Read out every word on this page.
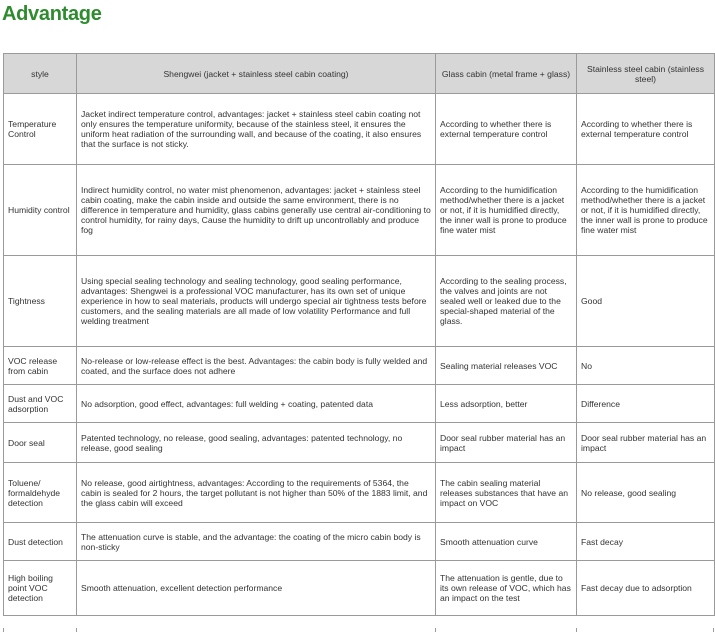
Advantage
style	Shengwei (jacket + stainless steel cabin coating)	Glass cabin (metal frame + glass)	Stainless steel cabin (stainless steel)
Temperature Control	Jacket indirect temperature control, advantages: jacket + stainless steel cabin coating not only ensures the temperature uniformity, because of the stainless steel, it ensures the uniform heat radiation of the surrounding wall, and because of the coating, it also ensures that the surface is not sticky.	According to whether there is external temperature control	According to whether there is external temperature control
Humidity control	Indirect humidity control, no water mist phenomenon, advantages: jacket + stainless steel cabin coating, make the cabin inside and outside the same environment, there is no difference in temperature and humidity, glass cabins generally use central air-conditioning to control humidity, for rainy days, Cause the humidity to drift up uncontrollably and produce fog	According to the humidification method/whether there is a jacket or not, if it is humidified directly, the inner wall is prone to produce fine water mist	According to the humidification method/whether there is a jacket or not, if it is humidified directly, the inner wall is prone to produce fine water mist
Tightness	Using special sealing technology and sealing technology, good sealing performance, advantages: Shengwei is a professional VOC manufacturer, has its own set of unique experience in how to seal materials, products will undergo special air tightness tests before customers, and the sealing materials are all made of low volatility Performance and full welding treatment	According to the sealing process, the valves and joints are not sealed well or leaked due to the special-shaped material of the glass.	Good
VOC release from cabin	No-release or low-release effect is the best. Advantages: the cabin body is fully welded and coated, and the surface does not adhere	Sealing material releases VOC	No
Dust and VOC adsorption	No adsorption, good effect, advantages: full welding + coating, patented data	Less adsorption, better	Difference
Door seal	Patented technology, no release, good sealing, advantages: patented technology, no release, good sealing	Door seal rubber material has an impact	Door seal rubber material has an impact
Toluene/ formaldehyde detection	No release, good airtightness, advantages: According to the requirements of 5364, the cabin is sealed for 2 hours, the target pollutant is not higher than 50% of the 1883 limit, and the glass cabin will exceed	The cabin sealing material releases substances that have an impact on VOC	No release, good sealing
Dust detection	The attenuation curve is stable, and the advantage: the coating of the micro cabin body is non-sticky	Smooth attenuation curve	Fast decay
High boiling point VOC detection	Smooth attenuation, excellent detection performance	The attenuation is gentle, due to its own release of VOC, which has an impact on the test	Fast decay due to adsorption
